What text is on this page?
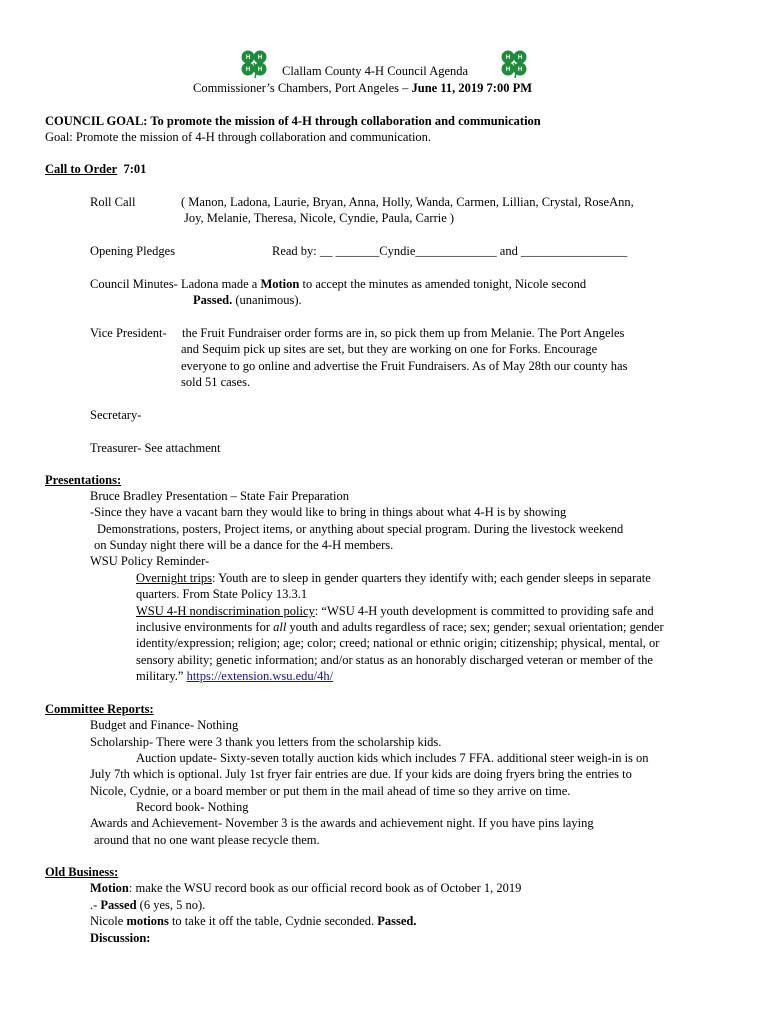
H H
H H
H H
H H
Clallam County 4-H Council Agenda
Commissioner’s Chambers, Port Angeles – June 11, 2019 7:00 PM
COUNCIL GOAL: To promote the mission of 4-H through collaboration and communication
Goal: Promote the mission of 4-H through collaboration and communication.
Call to Order 7:01
Roll Call	( Manon, Ladona, Laurie, Bryan, Anna, Holly, Wanda, Carmen, Lillian, Crystal, RoseAnn,
Joy, Melanie, Theresa, Nicole, Cyndie, Paula, Carrie )
Opening Pledges	Read by: __ _______Cyndie_____________ and _________________
Council Minutes- Ladona made a Motion to accept the minutes as amended tonight, Nicole second
Passed. (unanimous).
Vice President- the Fruit Fundraiser order forms are in, so pick them up from Melanie. The Port Angeles
and Sequim pick up sites are set, but they are working on one for Forks. Encourage
everyone to go online and advertise the Fruit Fundraisers. As of May 28th our county has
sold 51 cases.
Secretary-
Treasurer- See attachment
Presentations:
Bruce Bradley Presentation – State Fair Preparation
-Since they have a vacant barn they would like to bring in things about what 4-H is by showing
Demonstrations, posters, Project items, or anything about special program. During the livestock weekend
on Sunday night there will be a dance for the 4-H members.
WSU Policy Reminder-
Overnight trips: Youth are to sleep in gender quarters they identify with; each gender sleeps in separate
quarters. From State Policy 13.3.1
WSU 4-H nondiscrimination policy: “WSU 4-H youth development is committed to providing safe and
inclusive environments for all youth and adults regardless of race; sex; gender; sexual orientation; gender
identity/expression; religion; age; color; creed; national or ethnic origin; citizenship; physical, mental, or
sensory ability; genetic information; and/or status as an honorably discharged veteran or member of the
military.” https://extension.wsu.edu/4h/
Committee Reports:
Budget and Finance- Nothing
Scholarship- There were 3 thank you letters from the scholarship kids.
Auction update- Sixty-seven totally auction kids which includes 7 FFA. additional steer weigh-in is on
July 7th which is optional. July 1st fryer fair entries are due. If your kids are doing fryers bring the entries to
Nicole, Cydnie, or a board member or put them in the mail ahead of time so they arrive on time.
Record book- Nothing
Awards and Achievement- November 3 is the awards and achievement night. If you have pins laying
around that no one want please recycle them.
Old Business:
Motion: make the WSU record book as our official record book as of October 1, 2019
.- Passed (6 yes, 5 no).
Nicole motions to take it off the table, Cydnie seconded. Passed.
Discussion:
